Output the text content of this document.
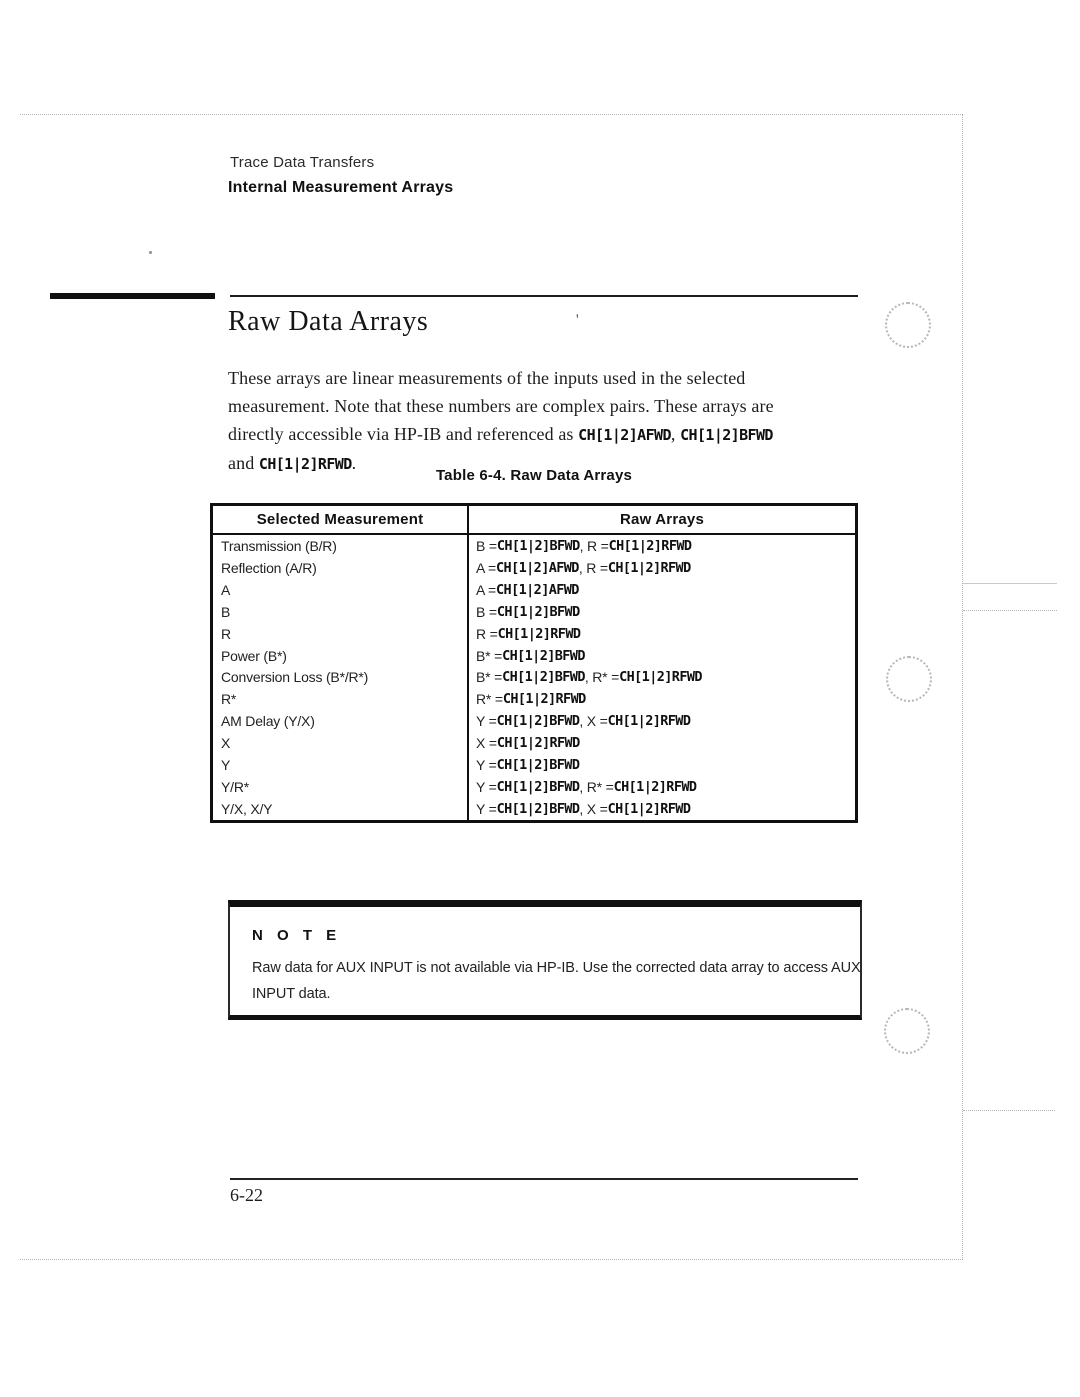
'
Trace Data Transfers
Internal Measurement Arrays
Raw Data Arrays
These arrays are linear measurements of the inputs used in the selected
measurement. Note that these numbers are complex pairs. These arrays are
directly accessible via HP-IB and referenced as CH[1|2]AFWD, CH[1|2]BFWD
and CH[1|2]RFWD.
Table 6-4. Raw Data Arrays
Selected Measurement	Raw Arrays
Transmission (B/R)	B = CH[1|2]BFWD , R = CH[1|2]RFWD
Reflection (A/R)	A = CH[1|2]AFWD , R = CH[1|2]RFWD
A	A = CH[1|2]AFWD
B	B = CH[1|2]BFWD
R	R = CH[1|2]RFWD
Power (B*)	B* = CH[1|2]BFWD
Conversion Loss (B*/R*)	B* = CH[1|2]BFWD , R* = CH[1|2]RFWD
R*	R* = CH[1|2]RFWD
AM Delay (Y/X)	Y = CH[1|2]BFWD , X = CH[1|2]RFWD
X	X = CH[1|2]RFWD
Y	Y = CH[1|2]BFWD
Y/R*	Y = CH[1|2]BFWD , R* = CH[1|2]RFWD
Y/X, X/Y	Y = CH[1|2]BFWD , X = CH[1|2]RFWD
N O T E
Raw data for AUX INPUT is not available via HP-IB. Use the corrected data array to access AUX
INPUT data.
6-22
